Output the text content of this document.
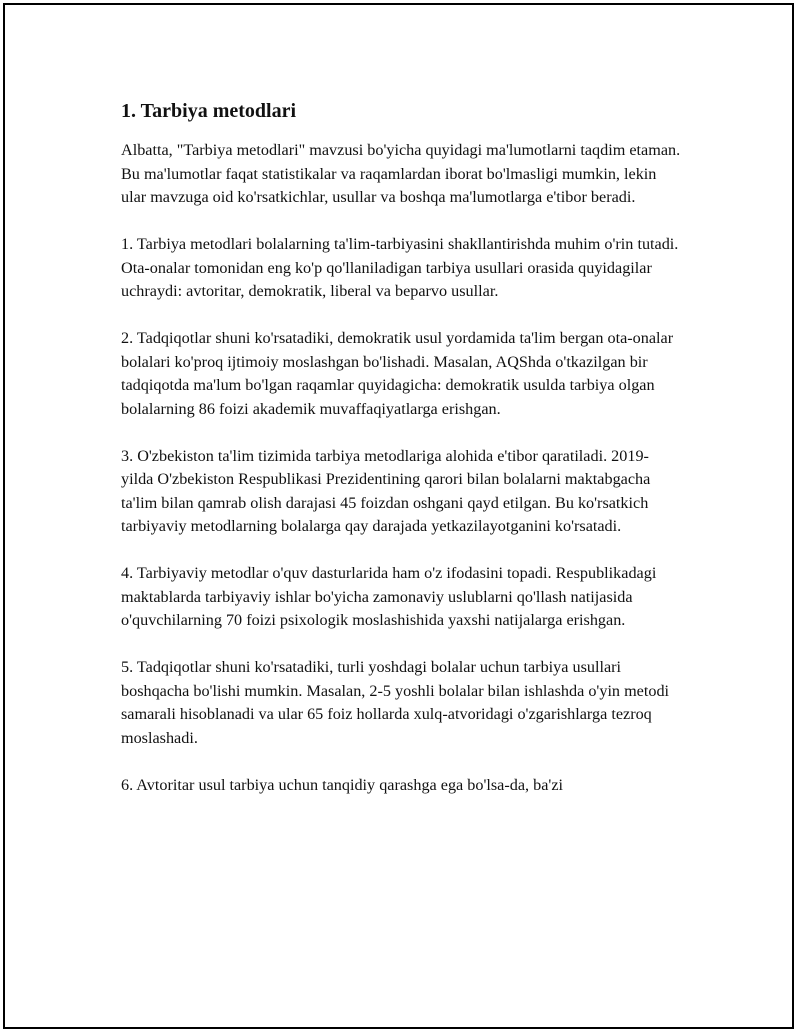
1. Tarbiya metodlari

Albatta, "Tarbiya metodlari" mavzusi bo'yicha quyidagi ma'lumotlarni taqdim etaman. Bu ma'lumotlar faqat statistikalar va raqamlardan iborat bo'lmasligi mumkin, lekin ular mavzuga oid ko'rsatkichlar, usullar va boshqa ma'lumotlarga e'tibor beradi.

1. Tarbiya metodlari bolalarning ta'lim-tarbiyasini shakllantirishda muhim o'rin tutadi. Ota-onalar tomonidan eng ko'p qo'llaniladigan tarbiya usullari orasida quyidagilar uchraydi: avtoritar, demokratik, liberal va beparvo usullar.

2. Tadqiqotlar shuni ko'rsatadiki, demokratik usul yordamida ta'lim bergan ota-onalar bolalari ko'proq ijtimoiy moslashgan bo'lishadi. Masalan, AQShda o'tkazilgan bir tadqiqotda ma'lum bo'lgan raqamlar quyidagicha: demokratik usulda tarbiya olgan bolalarning 86 foizi akademik muvaffaqiyatlarga erishgan.

3. O'zbekiston ta'lim tizimida tarbiya metodlariga alohida e'tibor qaratiladi. 2019-yilda O'zbekiston Respublikasi Prezidentining qarori bilan bolalarni maktabgacha ta'lim bilan qamrab olish darajasi 45 foizdan oshgani qayd etilgan. Bu ko'rsatkich tarbiyaviy metodlarning bolalarga qay darajada yetkazilayotganini ko'rsatadi.

4. Tarbiyaviy metodlar o'quv dasturlarida ham o'z ifodasini topadi. Respublikadagi maktablarda tarbiyaviy ishlar bo'yicha zamonaviy uslublarni qo'llash natijasida o'quvchilarning 70 foizi psixologik moslashishida yaxshi natijalarga erishgan.

5. Tadqiqotlar shuni ko'rsatadiki, turli yoshdagi bolalar uchun tarbiya usullari boshqacha bo'lishi mumkin. Masalan, 2-5 yoshli bolalar bilan ishlashda o'yin metodi samarali hisoblanadi va ular 65 foiz hollarda xulq-atvoridagi o'zgarishlarga tezroq moslashadi.

6. Avtoritar usul tarbiya uchun tanqidiy qarashga ega bo'lsa-da, ba'zi
